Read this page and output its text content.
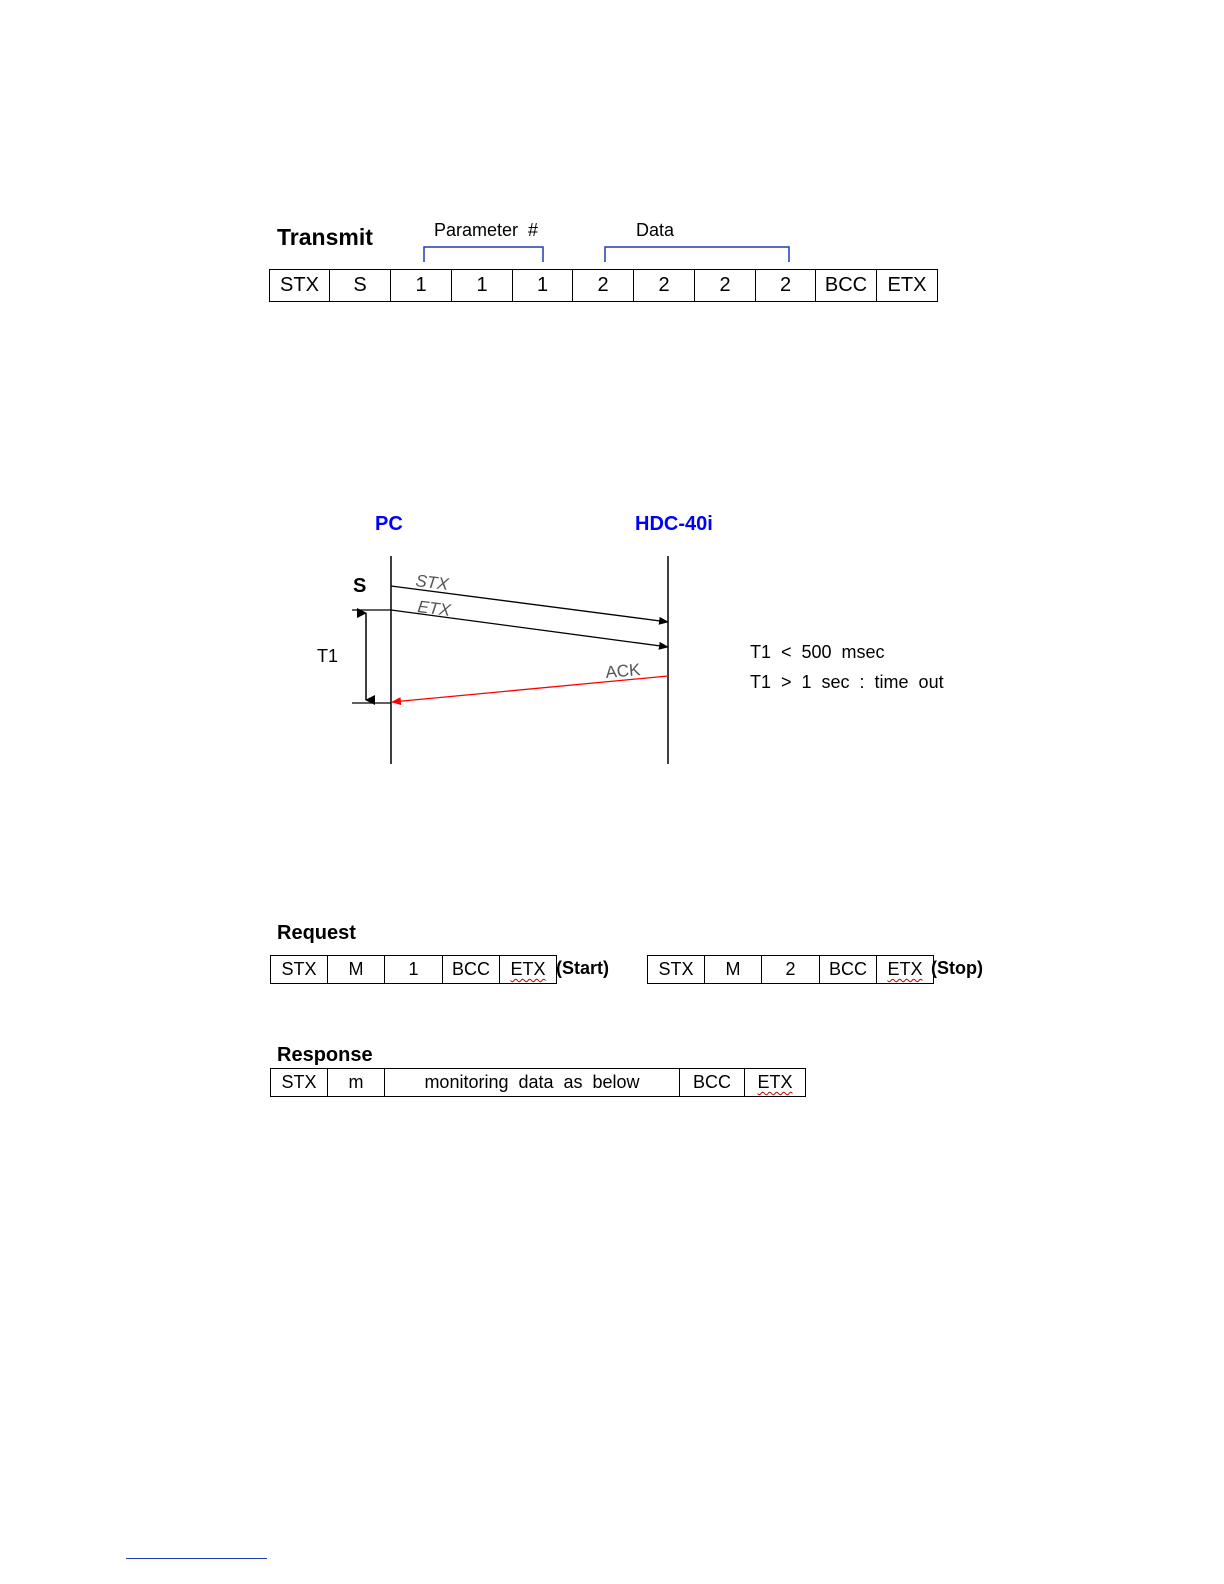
Transmit	Parameter  #	Data
STX	S	1	1	1	2	2	2	2	BCC	ETX
PC	HDC-40i
S
T1
STX
ETX
ACK
T1  <  500  msec
T1  >  1  sec  :  time  out
Request
STX	M	1	BCC	ETX (Start)	STX	M	2	BCC	ETX (Stop)
Response
STX	m	monitoring  data  as  below	BCC	ETX
